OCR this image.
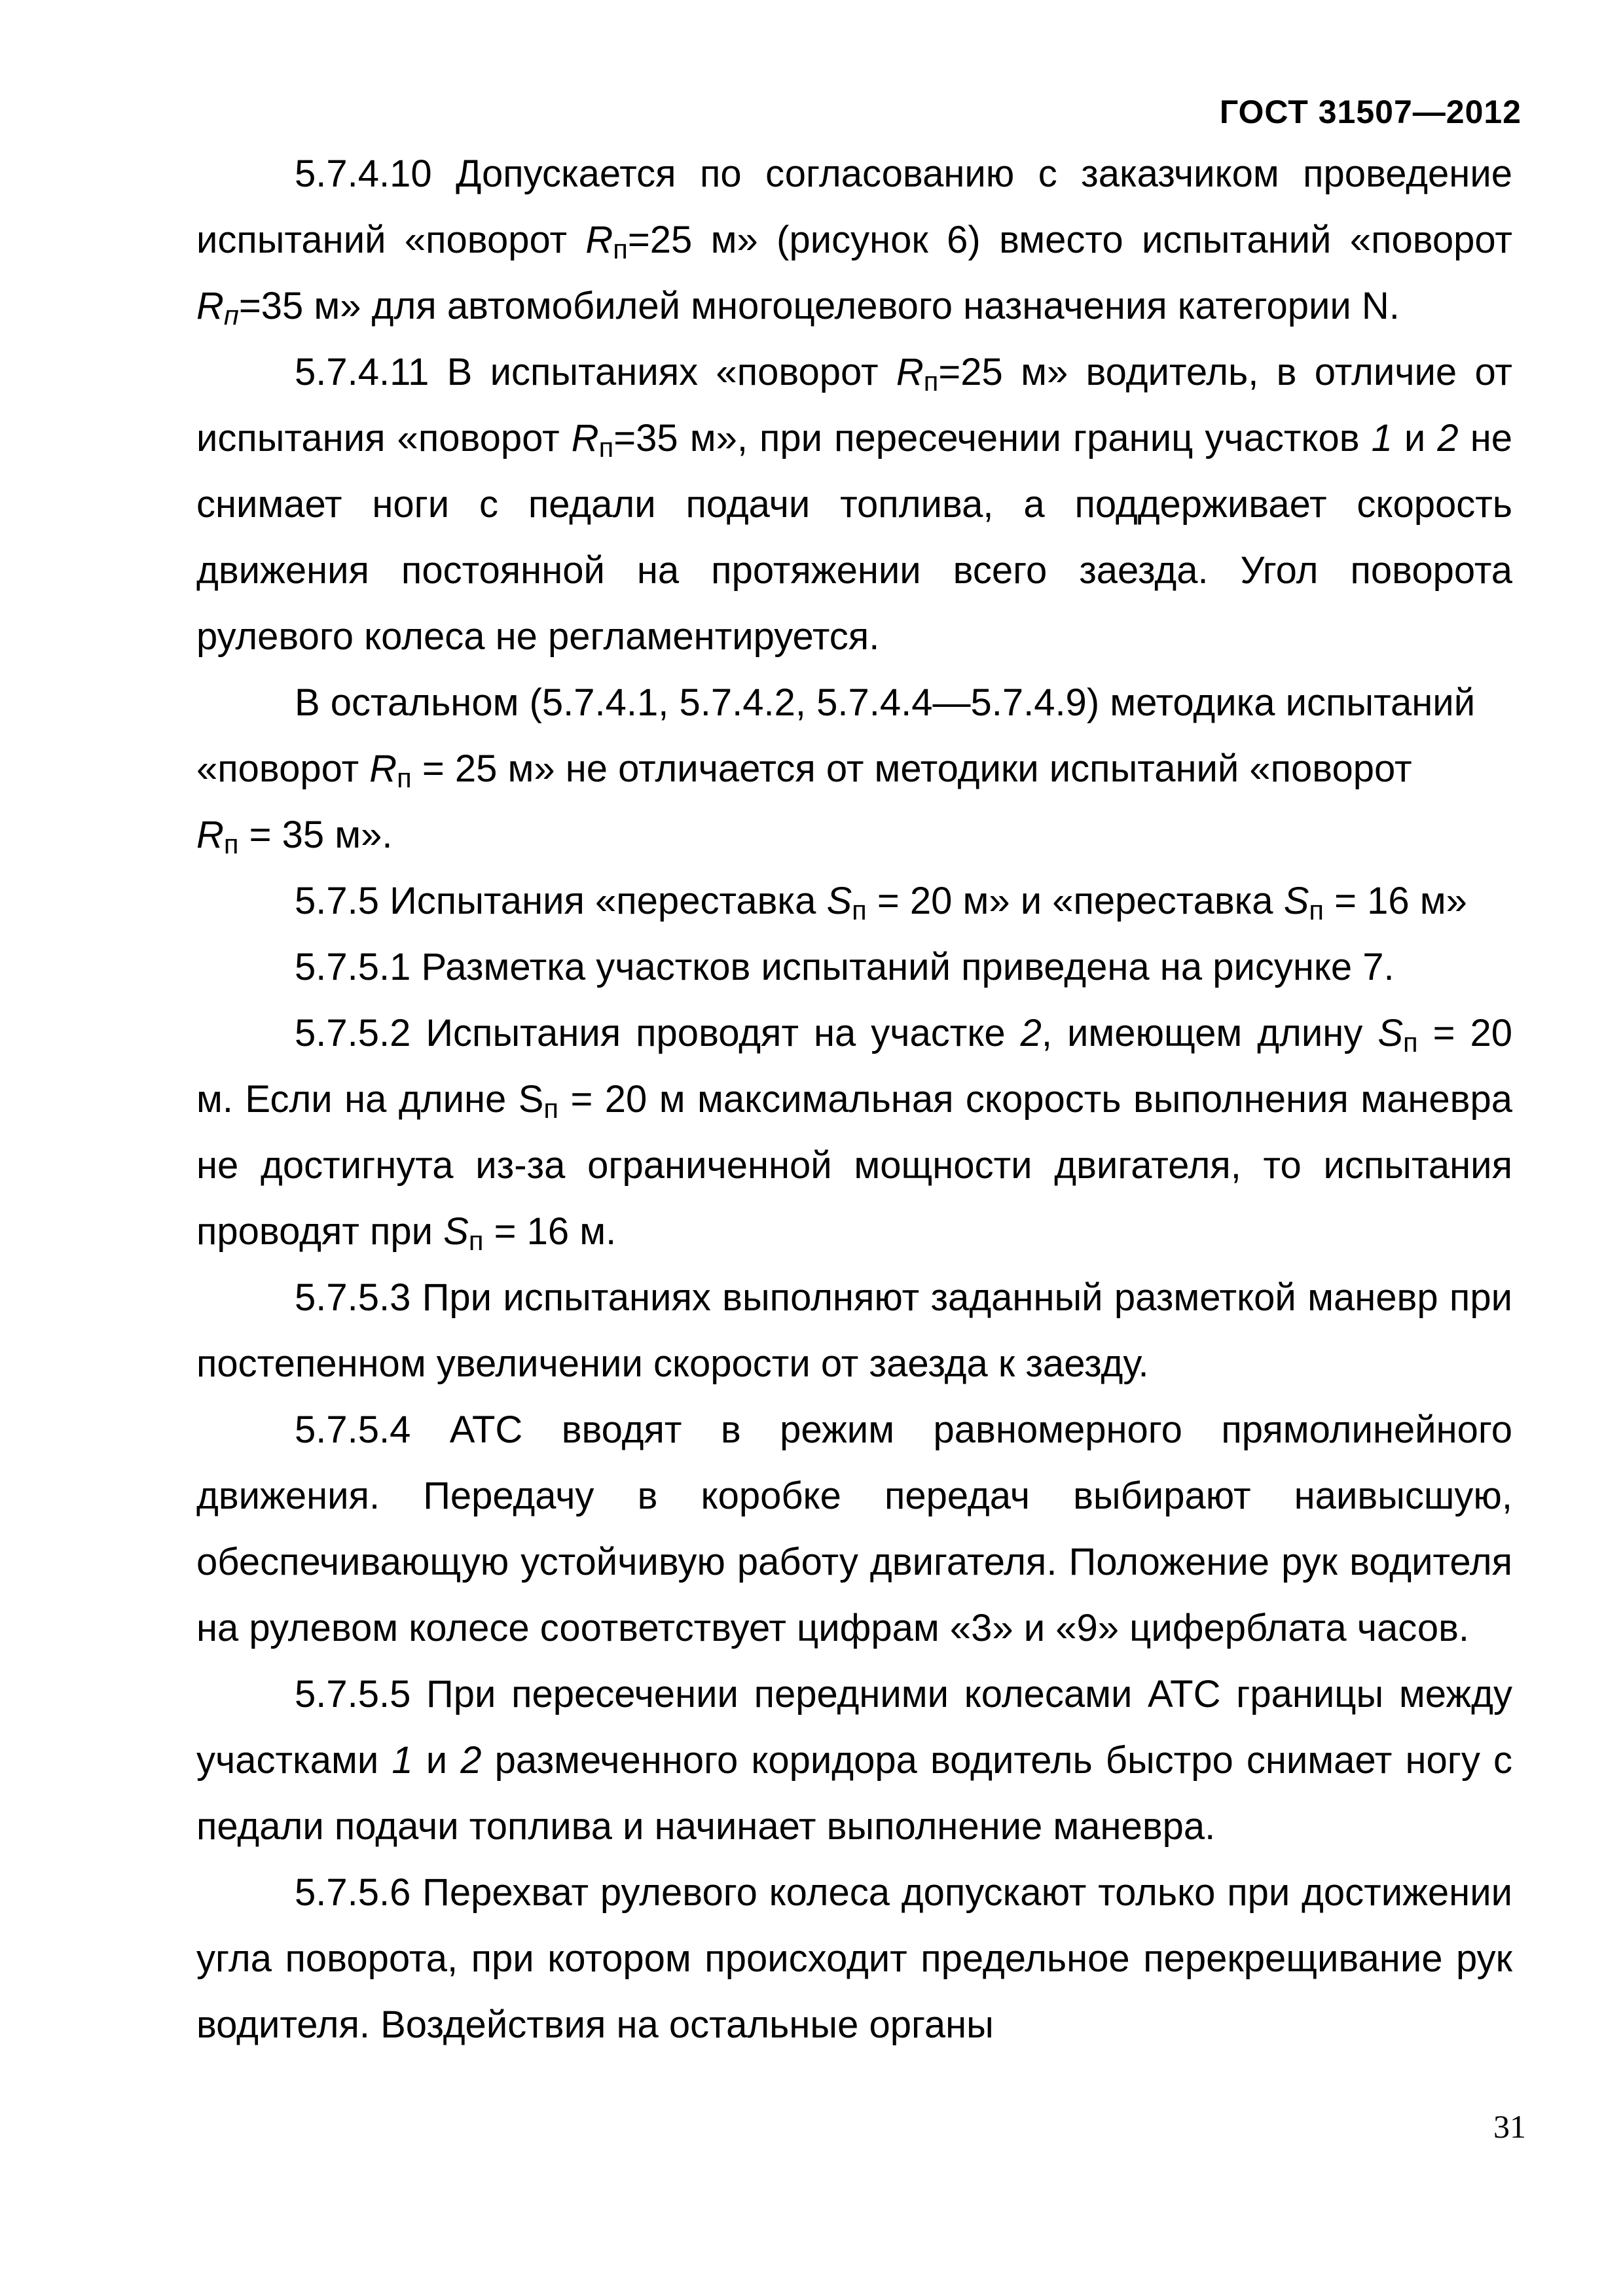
ГОСТ 31507—2012

5.7.4.10 Допускается по согласованию с заказчиком проведение испытаний «поворот $R_п=25$ м» (рисунок 6) вместо испытаний «поворот $R_п=35$ м» для автомобилей многоцелевого назначения категории N.

5.7.4.11 В испытаниях «поворот $R_п=25$ м» водитель, в отличие от испытания «поворот $R_п=35$ м», при пересечении границ участков 1 и 2 не снимает ноги с педали подачи топлива, а поддерживает скорость движения постоянной на протяжении всего заезда. Угол поворота рулевого колеса не регламентируется.

В остальном (5.7.4.1, 5.7.4.2, 5.7.4.4—5.7.4.9) методика испытаний «поворот $R_п = 25$ м» не отличается от методики испытаний «поворот
$R_п = 35$ м».

5.7.5 Испытания «переставка $S_п = 20$ м» и «переставка $S_п = 16$ м»

5.7.5.1 Разметка участков испытаний приведена на рисунке 7.

5.7.5.2 Испытания проводят на участке 2, имеющем длину $S_п = 20$ м. Если на длине $S_п = 20$ м максимальная скорость выполнения маневра не достигнута из-за ограниченной мощности двигателя, то испытания проводят при $S_п = 16$ м.

5.7.5.3 При испытаниях выполняют заданный разметкой маневр при постепенном увеличении скорости от заезда к заезду.

5.7.5.4 АТС вводят в режим равномерного прямолинейного движения. Передачу в коробке передач выбирают наивысшую, обеспечивающую устойчивую работу двигателя. Положение рук водителя на рулевом колесе соответствует цифрам «3» и «9» циферблата часов.

5.7.5.5 При пересечении передними колесами АТС границы между участками 1 и 2 размеченного коридора водитель быстро снимает ногу с педали подачи топлива и начинает выполнение маневра.

5.7.5.6 Перехват рулевого колеса допускают только при достижении угла поворота, при котором происходит предельное перекрещивание рук водителя. Воздействия на остальные органы

31
